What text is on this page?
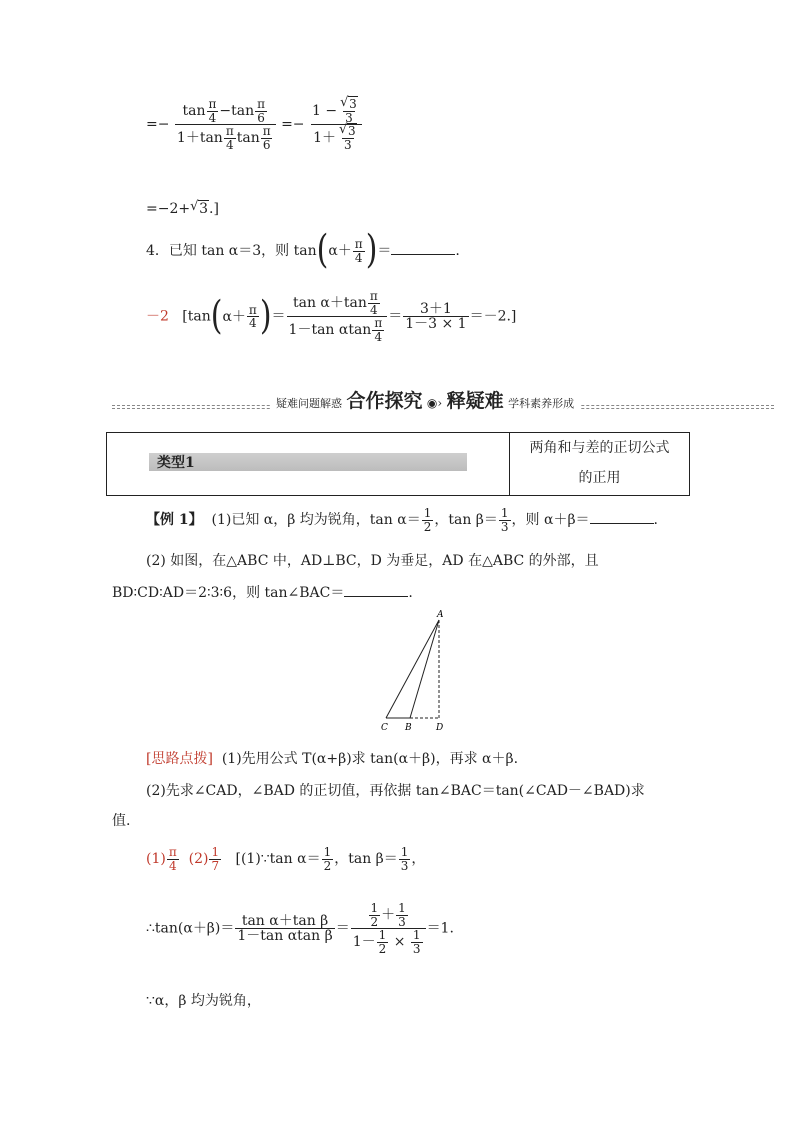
=− $\frac{\tan \frac{\pi}{4} -\tan \frac{\pi}{6}}{1+\tan \frac{\pi}{4} \tan \frac{\pi}{6}} =- 1$ −
√ $\frac{3}{3}$
1＋
√ $\frac{3}{3}$
=−2+√ 3.]
4．已知 tan α＝3，则 $\tan(\alpha+ \frac{\pi}{4}$ )＝	.
－2 [$\tan(\alpha+ \frac{\pi}{4}$ )＝ $\frac{\tan \alpha+\tan \frac{\pi}{4}}{1-\tan \alpha\tan \frac{\pi}{4}} = \frac{3+1}{1-3 \times 1} =-2$.]
疑难问题解惑 合作探究 ◉› 释疑难 学科素养形成
类型1
两角和与差的正切公式
的正用
【例 1】 (1)已知 α，β 均为锐角，$\tan \alpha= \frac{1}{2}$ ，$\tan \beta= \frac{1}{3}$ ，则 α＋β＝	.
(2) 如图，在△ABC 中，AD⊥BC，D 为垂足，AD 在△ABC 的外部，且
BD∶CD∶AD＝2∶3∶6，则 tan∠BAC＝	.
A
C B	D
[思路点拨] (1)先用公式 T(α+β)求 tan(α＋β)，再求 α＋β.
(2)先求∠CAD，∠BAD 的正切值，再依据 tan∠BAC＝tan(∠CAD－∠BAD)求
值.
$(1) \frac{\pi}{4} (2) \frac{1}{7}$ [(1)∵tan $\alpha= \frac{1}{2}$ ，$\tan \beta= \frac{1}{3}$ ，
∴tan(α＋β)＝ $\frac{\text{tan α＋tan β}}{\text{1－tan αtan β}} = \frac{\frac{1}{2} + \frac{1}{3}}{1- \frac{1}{2} \times \frac{1}{3}} =1$.
∵α，β 均为锐角，
